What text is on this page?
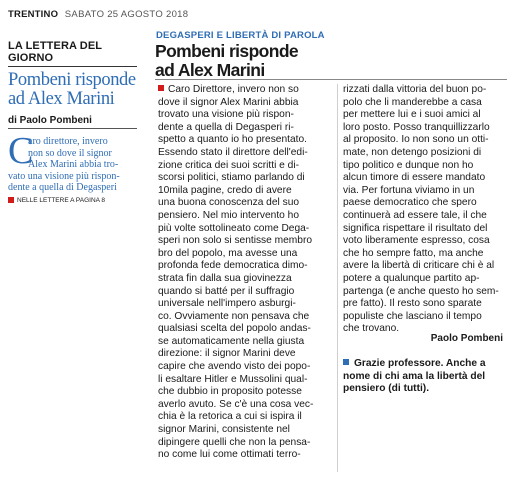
TRENTINO SABATO 25 AGOSTO 2018
LA LETTERA DEL GIORNO
Pombeni risponde ad Alex Marini
di Paolo Pombeni
C
aro direttore, invero
non so dove il signor
Alex Marini abbia tro-
vato una visione più rispon-
dente a quella di Degasperi
NELLE LETTERE A PAGINA 8
DEGASPERI E LIBERTÀ DI PAROLA
Pombeni risponde
ad Alex Marini
Caro Direttore, invero non so
dove il signor Alex Marini abbia
trovato una visione più rispon-
dente a quella di Degasperi ri-
spetto a quanto io ho presentato.
Essendo stato il direttore dell'edi-
zione critica dei suoi scritti e di-
scorsi politici, stiamo parlando di
10mila pagine, credo di avere
una buona conoscenza del suo
pensiero. Nel mio intervento ho
più volte sottolineato come Dega-
speri non solo si sentisse membro
bro del popolo, ma avesse una
profonda fede democratica dimo-
strata fin dalla sua giovinezza
quando si batté per il suffragio
universale nell'impero asburgi-
co. Ovviamente non pensava che
qualsiasi scelta del popolo andas-
se automaticamente nella giusta
direzione: il signor Marini deve
capire che avendo visto dei popo-
li esaltare Hitler e Mussolini qual-
che dubbio in proposito potesse
averlo avuto. Se c'è una cosa vec-
chia è la retorica a cui si ispira il
signor Marini, consistente nel
dipingere quelli che non la pensa-
no come lui come ottimati terro-
rizzati dalla vittoria del buon po-
polo che li manderebbe a casa
per mettere lui e i suoi amici al
loro posto. Posso tranquillizzarlo
al proposito. Io non sono un otti-
mate, non detengo posizioni di
tipo politico e dunque non ho
alcun timore di essere mandato
via. Per fortuna viviamo in un
paese democratico che spero
continuerà ad essere tale, il che
significa rispettare il risultato del
voto liberamente espresso, cosa
che ho sempre fatto, ma anche
avere la libertà di criticare chi è al
potere a qualunque partito ap-
partenga (e anche questo ho sem-
pre fatto). Il resto sono sparate
populiste che lasciano il tempo
che trovano.
Paolo Pombeni
Grazie professore. Anche a
nome di chi ama la libertà del
pensiero (di tutti).
